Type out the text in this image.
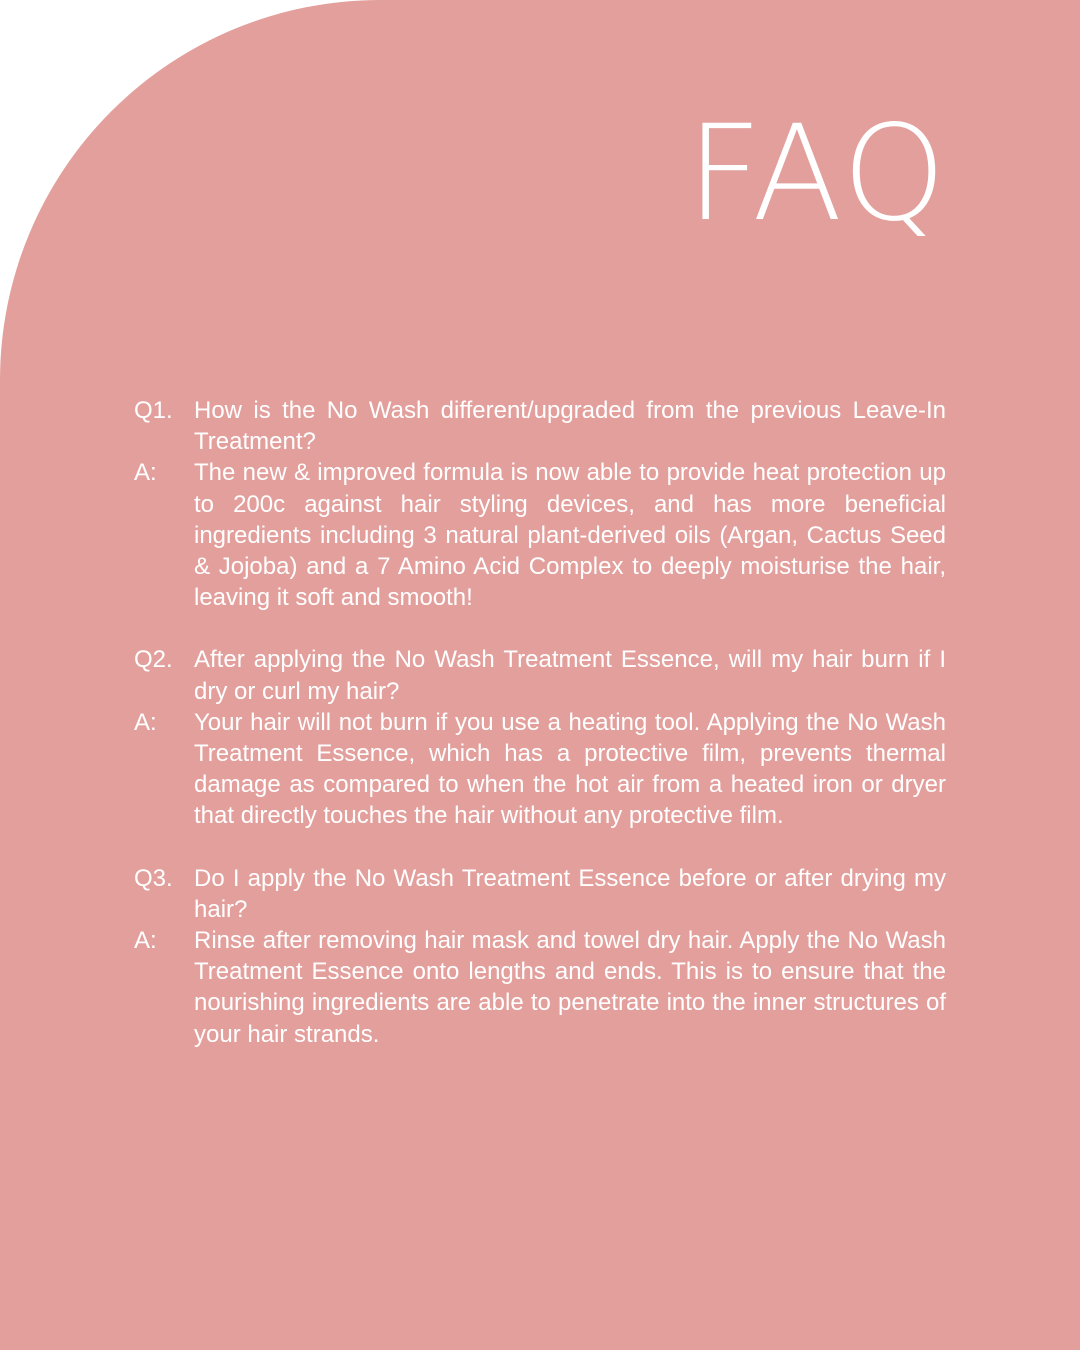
FAQ
Q1. How is the No Wash different/upgraded from the previous Leave-In Treatment?

A:	The new & improved formula is now able to provide heat protection up to 200c against hair styling devices, and has more beneficial ingredients including 3 natural plant-derived oils (Argan, Cactus Seed & Jojoba) and a 7 Amino Acid Complex to deeply moisturise the hair, leaving it soft and smooth!

Q2. After applying the No Wash Treatment Essence, will my hair burn if I dry or curl my hair?

A:	Your hair will not burn if you use a heating tool. Applying the No Wash Treatment Essence, which has a protective film, prevents thermal damage as compared to when the hot air from a heated iron or dryer that directly touches the hair without any protective film.

Q3. Do I apply the No Wash Treatment Essence before or after drying my hair?

A:	Rinse after removing hair mask and towel dry hair. Apply the No Wash Treatment Essence onto lengths and ends. This is to ensure that the nourishing ingredients are able to penetrate into the inner structures of your hair strands.
